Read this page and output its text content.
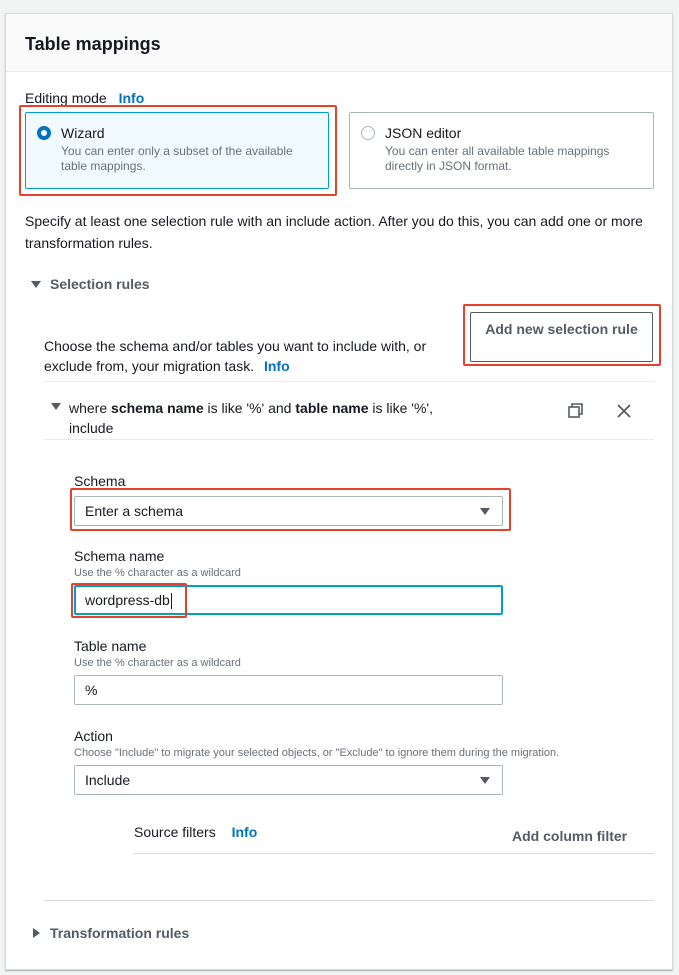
Table mappings
Editing mode Info
Wizard
You can enter only a subset of the available table mappings.
JSON editor
You can enter all available table mappings directly in JSON format.
Specify at least one selection rule with an include action. After you do this, you can add one or more transformation rules.
Selection rules
Choose the schema and/or tables you want to include with, or exclude from, your migration task. Info
Add new selection rule
where schema name is like '%' and table name is like '%', include
Schema
Enter a schema
Schema name
Use the % character as a wildcard
wordpress-db
Table name
Use the % character as a wildcard
%
Action
Choose "Include" to migrate your selected objects, or "Exclude" to ignore them during the migration.
Include
Source filters Info	Add column filter
Transformation rules
